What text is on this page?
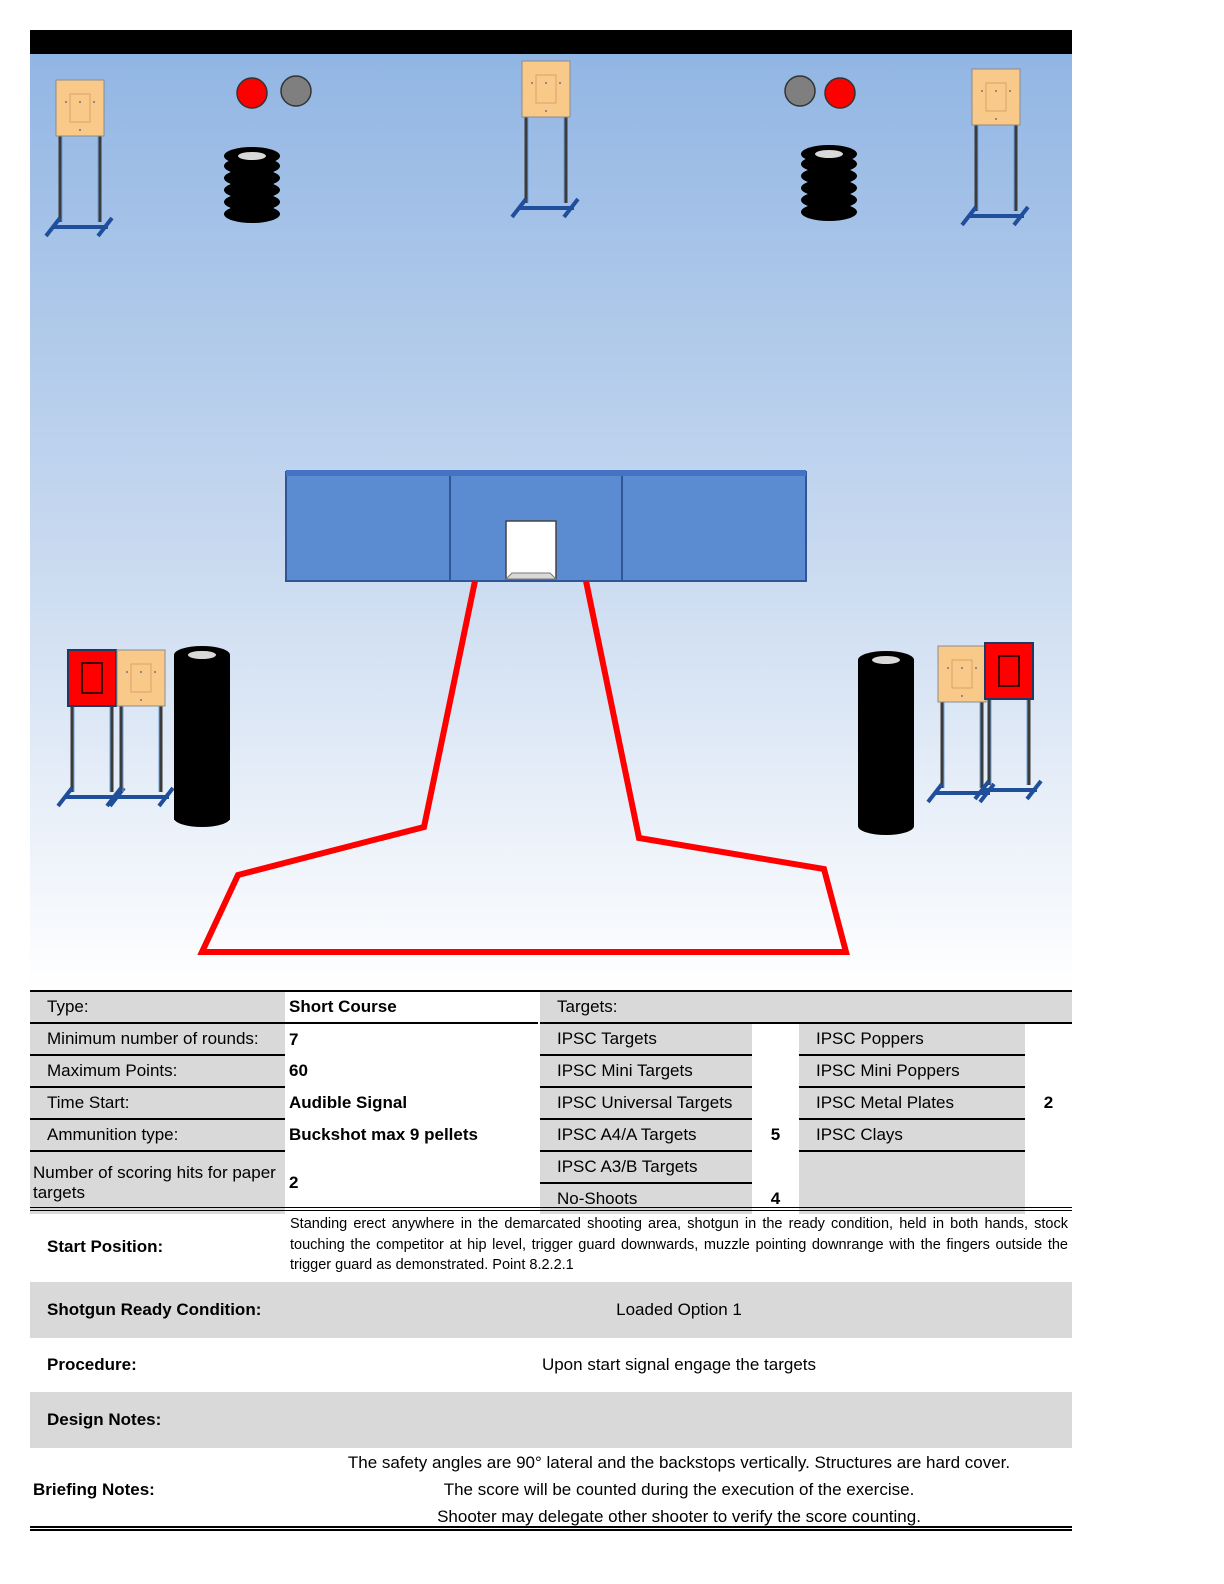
Type:	Short Course		Targets:			
Minimum number of rounds:	7		IPSC Targets		IPSC Poppers	
Maximum Points:	60		IPSC Mini Targets		IPSC Mini Poppers	
Time Start:	Audible Signal		IPSC Universal Targets		IPSC Metal Plates	2
Ammunition type:	Buckshot max 9 pellets		IPSC A4/A Targets	5	IPSC Clays	
Number of scoring hits for paper targets	2		IPSC A3/B Targets			
			No-Shoots	4		
Start Position:	Standing erect anywhere in the demarcated shooting area, shotgun in the ready condition, held in both hands, stock touching the competitor at hip level, trigger guard downwards, muzzle pointing downrange with the fingers outside the trigger guard as demonstrated. Point 8.2.2.1
Shotgun Ready Condition:	Loaded Option 1
Procedure:	Upon start signal engage the targets
Design Notes:	
Briefing Notes:	The safety angles are 90° lateral and the backstops vertically. Structures are hard cover.
The score will be counted during the execution of the exercise.
Shooter may delegate other shooter to verify the score counting.
